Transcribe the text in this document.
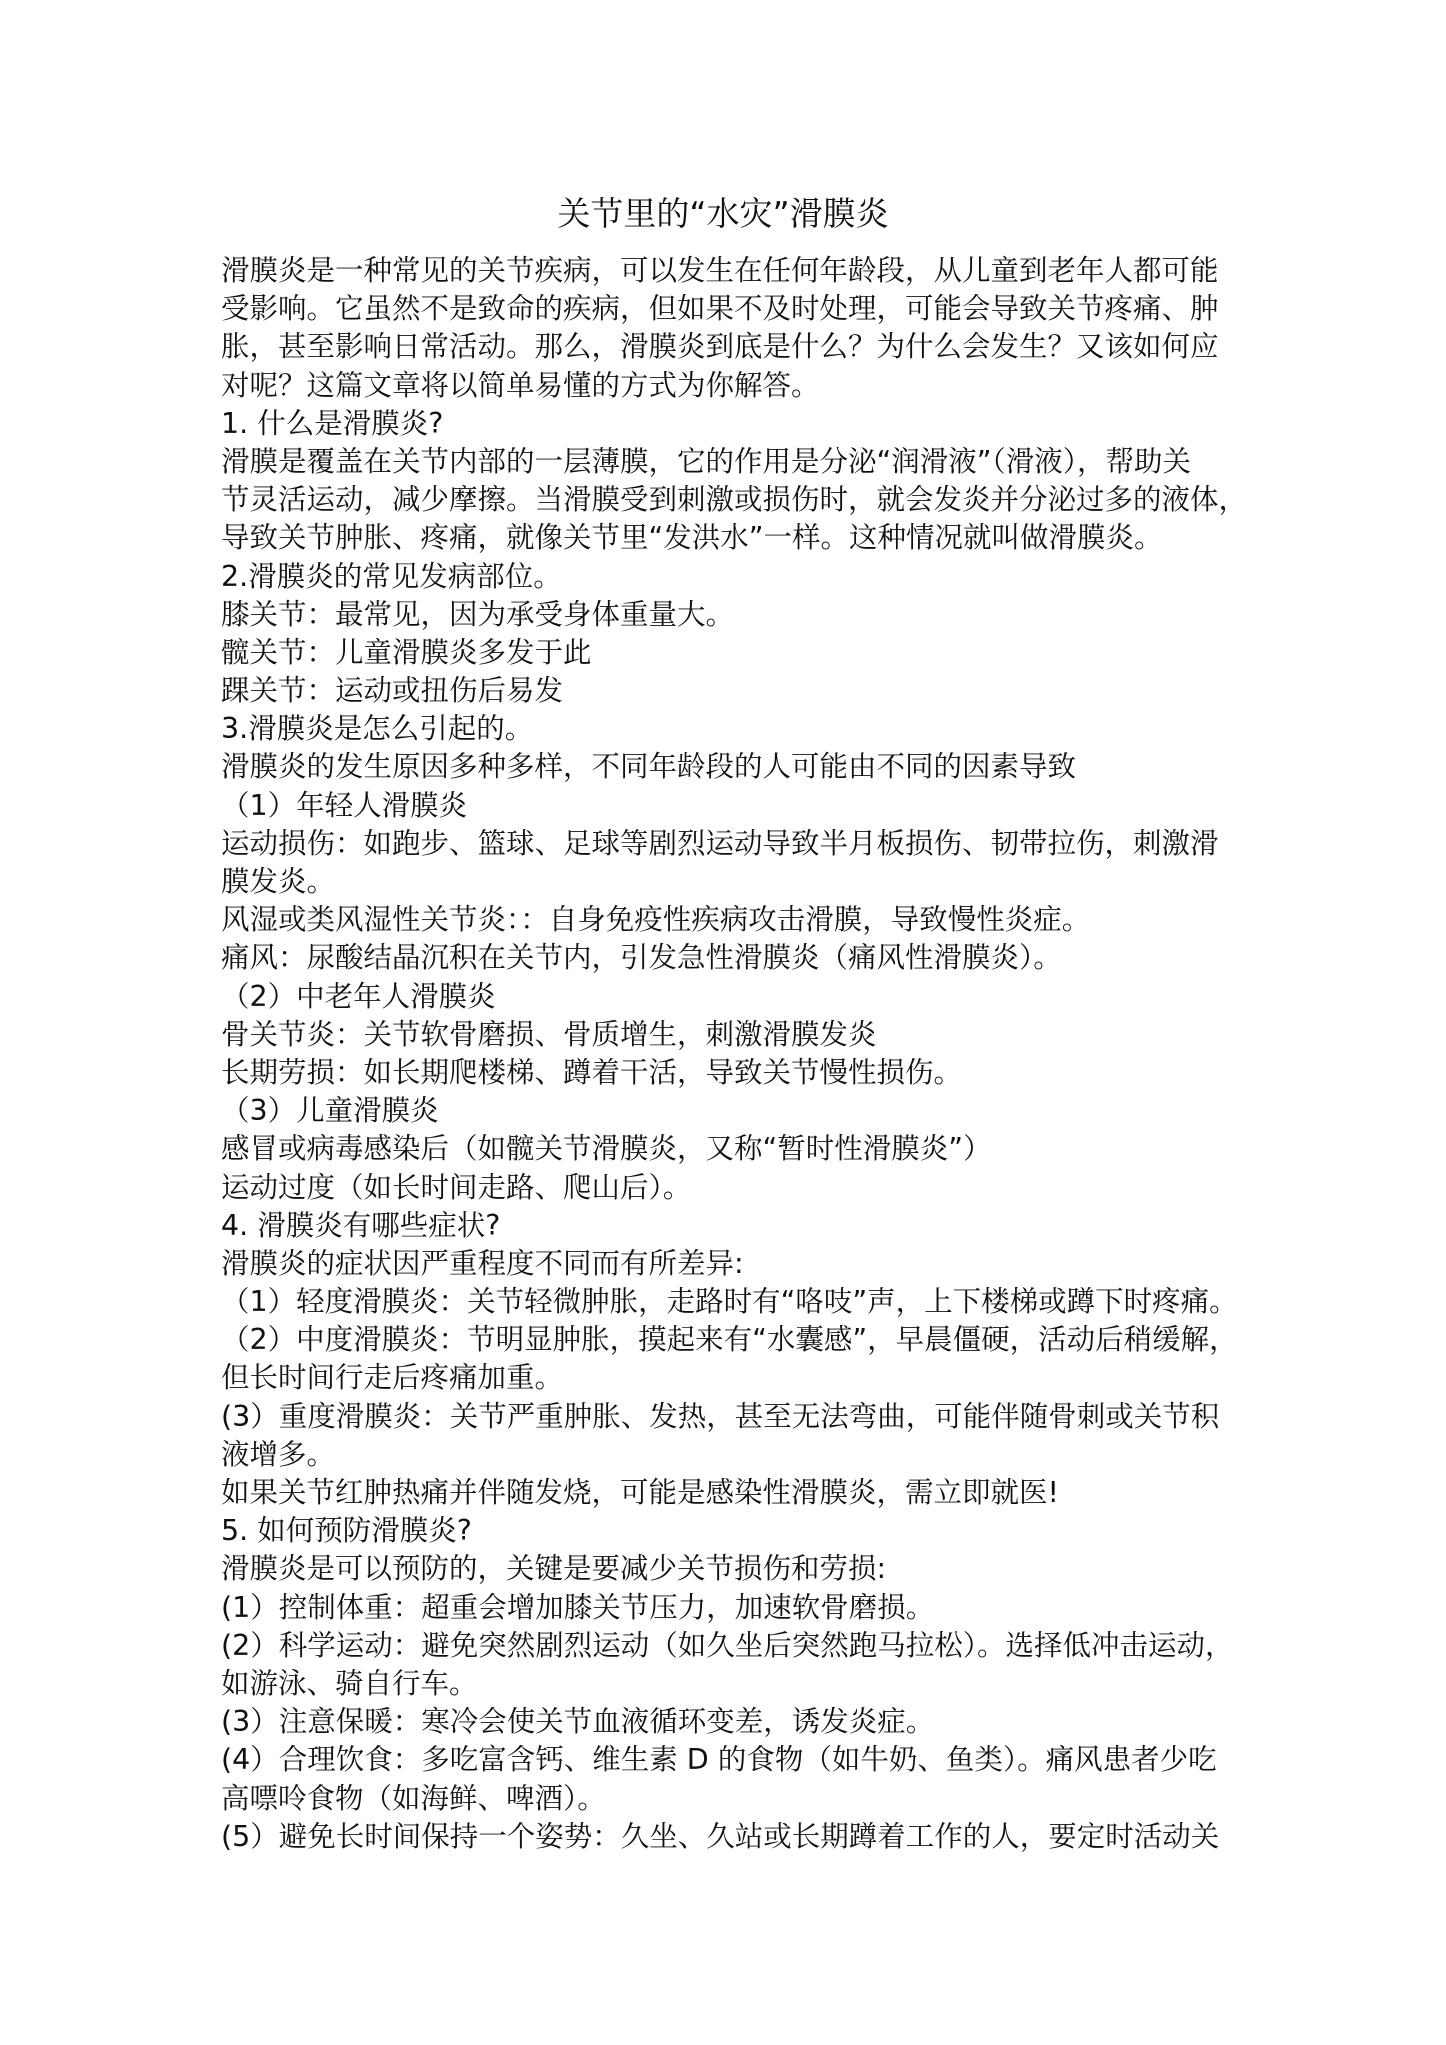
关节里的“水灾”滑膜炎
滑膜炎是一种常见的关节疾病，可以发生在任何年龄段，从儿童到老年人都可能
受影响。它虽然不是致命的疾病，但如果不及时处理，可能会导致关节疼痛、肿
胀，甚至影响日常活动。那么，滑膜炎到底是什么？为什么会发生？又该如何应
对呢？这篇文章将以简单易懂的方式为你解答。
1. 什么是滑膜炎?
滑膜是覆盖在关节内部的一层薄膜，它的作用是分泌“润滑液”（滑液），帮助关
节灵活运动，减少摩擦。当滑膜受到刺激或损伤时，就会发炎并分泌过多的液体，
导致关节肿胀、疼痛，就像关节里“发洪水”一样。这种情况就叫做滑膜炎。
2.滑膜炎的常见发病部位。
膝关节：最常见，因为承受身体重量大。
髋关节：儿童滑膜炎多发于此
踝关节：运动或扭伤后易发
3.滑膜炎是怎么引起的。
滑膜炎的发生原因多种多样，不同年龄段的人可能由不同的因素导致
（1）年轻人滑膜炎
运动损伤：如跑步、篮球、足球等剧烈运动导致半月板损伤、韧带拉伤，刺激滑
膜发炎。
风湿或类风湿性关节炎：：自身免疫性疾病攻击滑膜，导致慢性炎症。
痛风：尿酸结晶沉积在关节内，引发急性滑膜炎（痛风性滑膜炎）。
（2）中老年人滑膜炎
骨关节炎：关节软骨磨损、骨质增生，刺激滑膜发炎
长期劳损：如长期爬楼梯、蹲着干活，导致关节慢性损伤。
（3）儿童滑膜炎
感冒或病毒感染后（如髋关节滑膜炎，又称“暂时性滑膜炎”）
运动过度（如长时间走路、爬山后）。
4. 滑膜炎有哪些症状?
滑膜炎的症状因严重程度不同而有所差异:
（1）轻度滑膜炎：关节轻微肿胀，走路时有“咯吱”声，上下楼梯或蹲下时疼痛。
（2）中度滑膜炎：节明显肿胀，摸起来有“水囊感”，早晨僵硬，活动后稍缓解，
但长时间行走后疼痛加重。
(3）重度滑膜炎：关节严重肿胀、发热，甚至无法弯曲，可能伴随骨刺或关节积
液增多。
如果关节红肿热痛并伴随发烧，可能是感染性滑膜炎，需立即就医!
5. 如何预防滑膜炎?
滑膜炎是可以预防的，关键是要减少关节损伤和劳损:
(1）控制体重：超重会增加膝关节压力，加速软骨磨损。
(2）科学运动：避免突然剧烈运动（如久坐后突然跑马拉松）。选择低冲击运动，
如游泳、骑自行车。
(3）注意保暖：寒冷会使关节血液循环变差，诱发炎症。
(4）合理饮食：多吃富含钙、维生素 D 的食物（如牛奶、鱼类）。痛风患者少吃
高嘌呤食物（如海鲜、啤酒）。
(5）避免长时间保持一个姿势：久坐、久站或长期蹲着工作的人，要定时活动关
